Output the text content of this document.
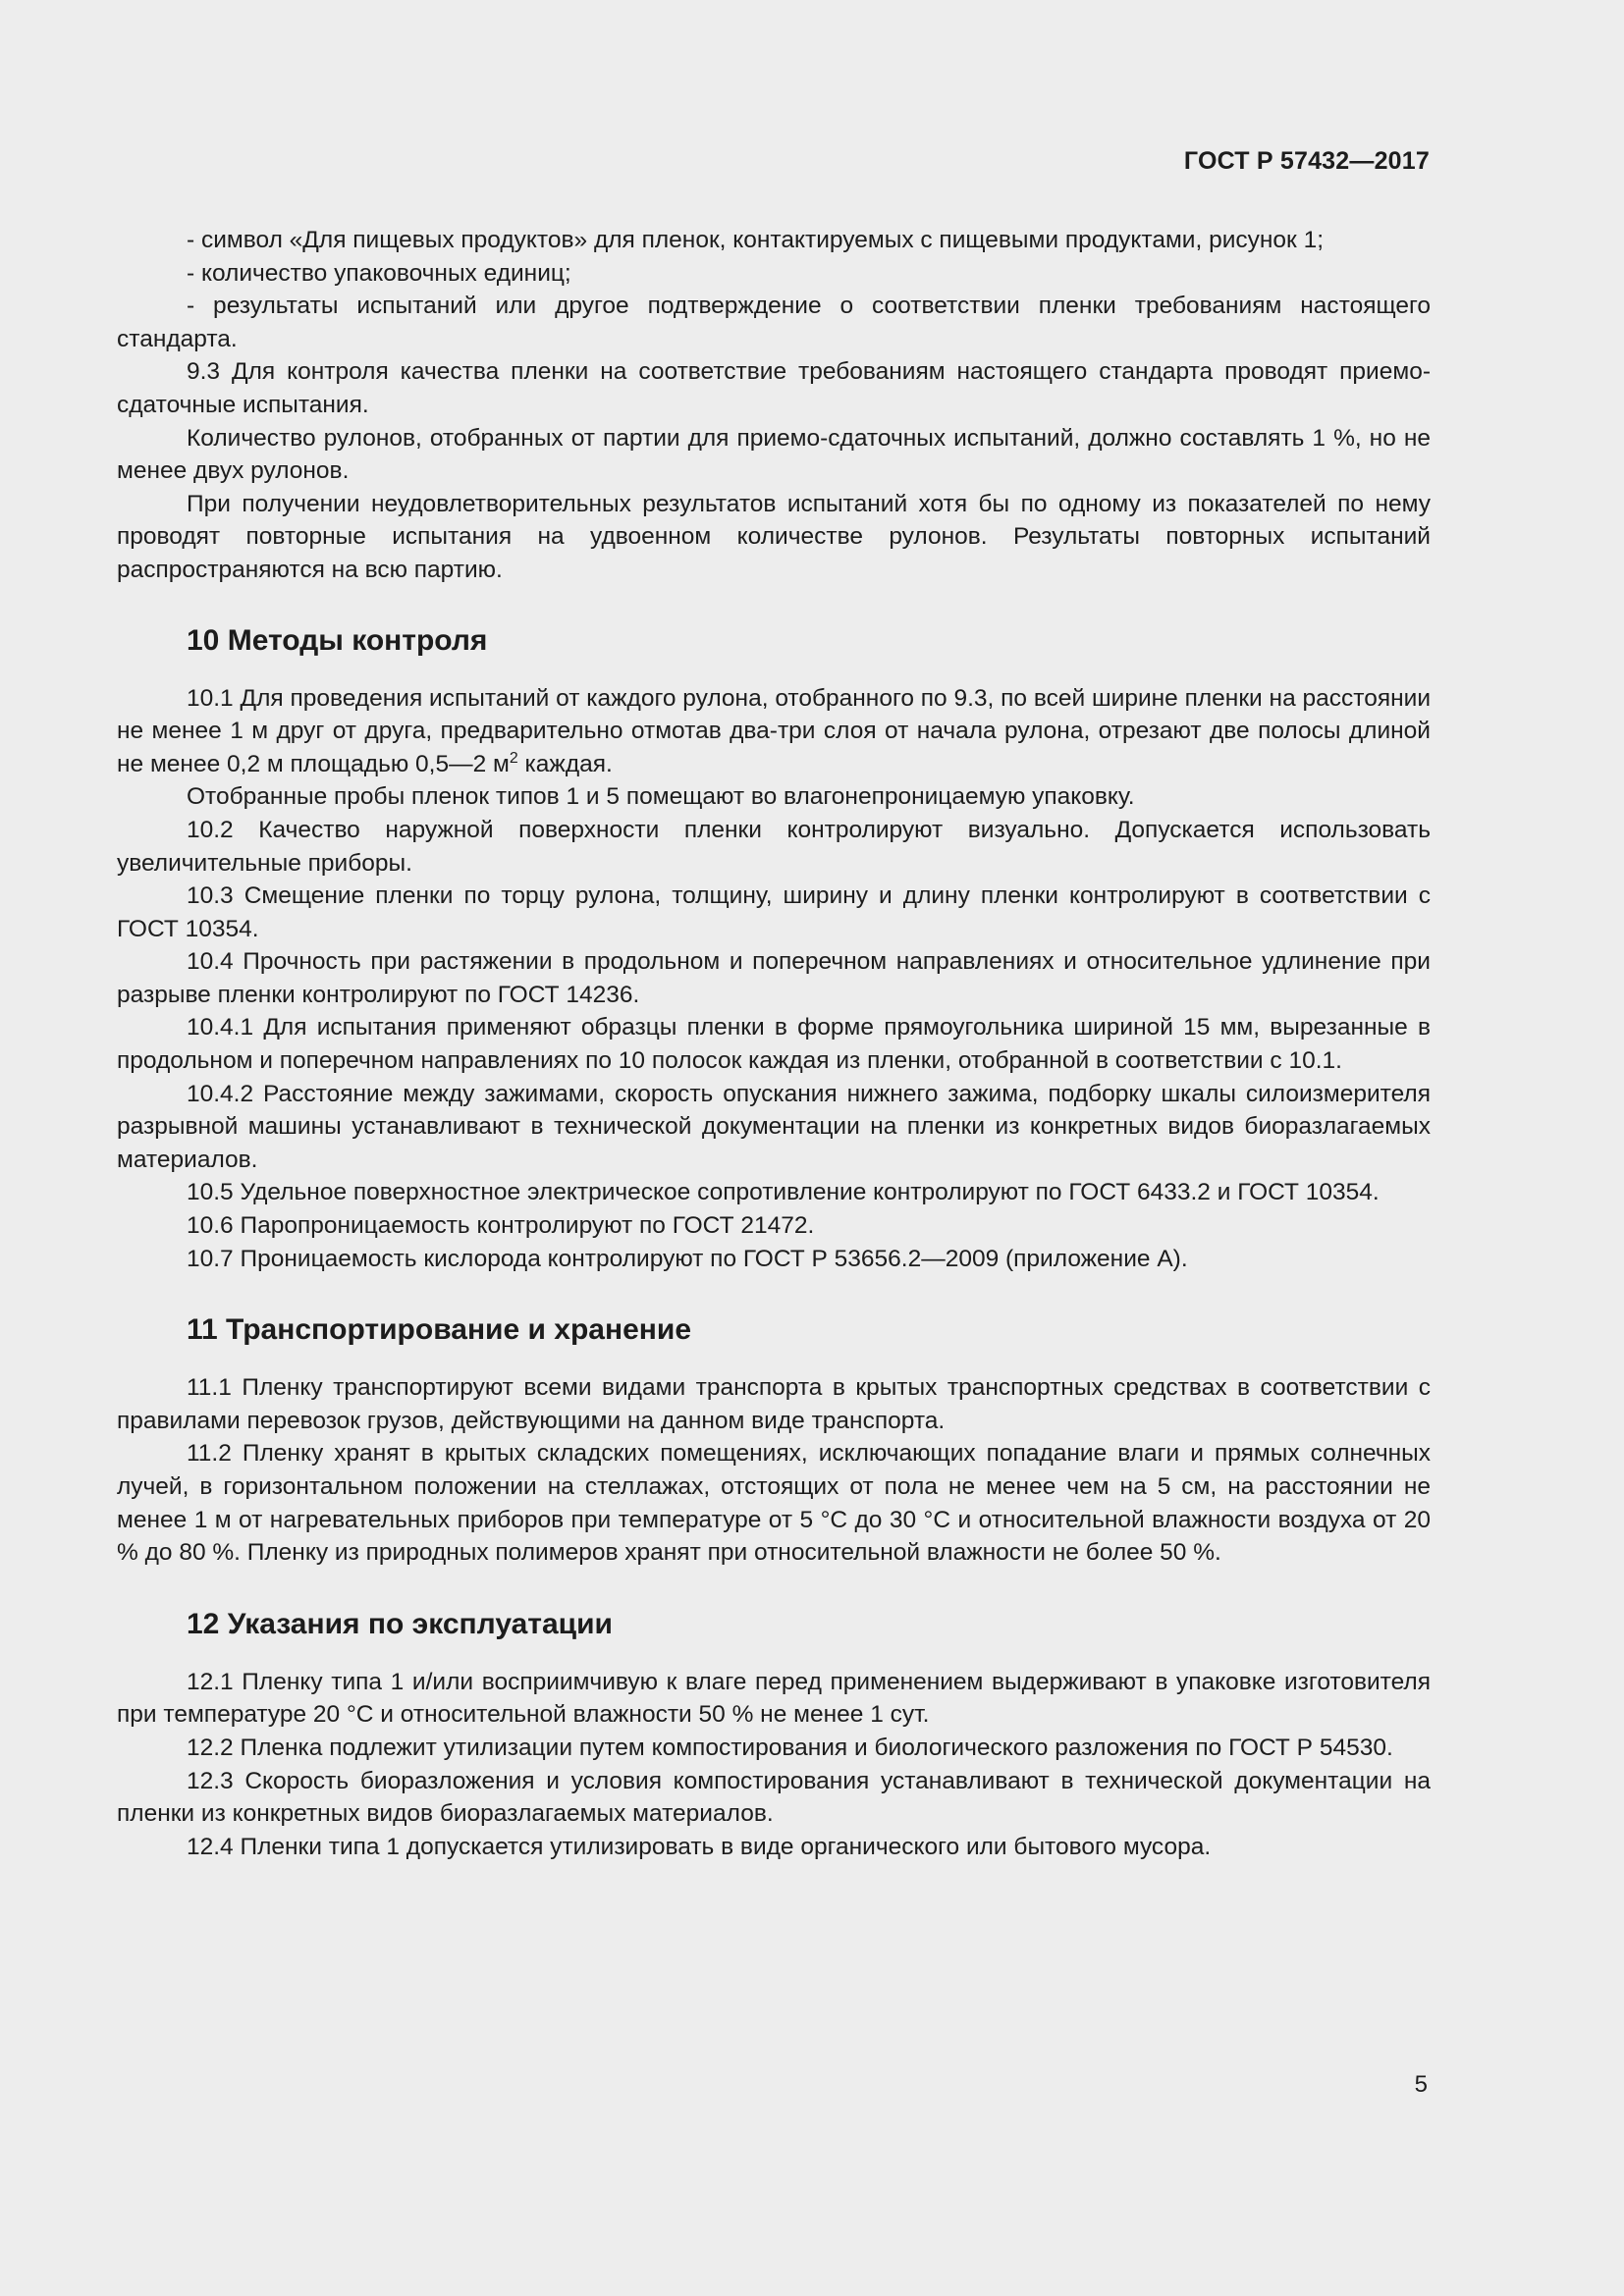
ГОСТ Р 57432—2017

- символ «Для пищевых продуктов» для пленок, контактируемых с пищевыми продуктами, рисунок 1;

- количество упаковочных единиц;

- результаты испытаний или другое подтверждение о соответствии пленки требованиям настоящего стандарта.

9.3 Для контроля качества пленки на соответствие требованиям настоящего стандарта проводят приемо-сдаточные испытания.

Количество рулонов, отобранных от партии для приемо-сдаточных испытаний, должно составлять 1 %, но не менее двух рулонов.

При получении неудовлетворительных результатов испытаний хотя бы по одному из показателей по нему проводят повторные испытания на удвоенном количестве рулонов. Результаты повторных испытаний распространяются на всю партию.

10 Методы контроля

10.1 Для проведения испытаний от каждого рулона, отобранного по 9.3, по всей ширине пленки на расстоянии не менее 1 м друг от друга, предварительно отмотав два-три слоя от начала рулона, отрезают две полосы длиной не менее 0,2 м площадью 0,5—2 $м^2$ каждая.

Отобранные пробы пленок типов 1 и 5 помещают во влагонепроницаемую упаковку.

10.2 Качество наружной поверхности пленки контролируют визуально. Допускается использовать увеличительные приборы.

10.3 Смещение пленки по торцу рулона, толщину, ширину и длину пленки контролируют в соответствии с ГОСТ 10354.

10.4 Прочность при растяжении в продольном и поперечном направлениях и относительное удлинение при разрыве пленки контролируют по ГОСТ 14236.

10.4.1 Для испытания применяют образцы пленки в форме прямоугольника шириной 15 мм, вырезанные в продольном и поперечном направлениях по 10 полосок каждая из пленки, отобранной в соответствии с 10.1.

10.4.2 Расстояние между зажимами, скорость опускания нижнего зажима, подборку шкалы силоизмерителя разрывной машины устанавливают в технической документации на пленки из конкретных видов биоразлагаемых материалов.

10.5 Удельное поверхностное электрическое сопротивление контролируют по ГОСТ 6433.2 и ГОСТ 10354.

10.6 Паропроницаемость контролируют по ГОСТ 21472.

10.7 Проницаемость кислорода контролируют по ГОСТ Р 53656.2—2009 (приложение А).

11 Транспортирование и хранение

11.1 Пленку транспортируют всеми видами транспорта в крытых транспортных средствах в соответствии с правилами перевозок грузов, действующими на данном виде транспорта.

11.2 Пленку хранят в крытых складских помещениях, исключающих попадание влаги и прямых солнечных лучей, в горизонтальном положении на стеллажах, отстоящих от пола не менее чем на 5 см, на расстоянии не менее 1 м от нагревательных приборов при температуре от 5 °С до 30 °С и относительной влажности воздуха от 20 % до 80 %. Пленку из природных полимеров хранят при относительной влажности не более 50 %.

12 Указания по эксплуатации

12.1 Пленку типа 1 и/или восприимчивую к влаге перед применением выдерживают в упаковке изготовителя при температуре 20 °С и относительной влажности 50 % не менее 1 сут.

12.2 Пленка подлежит утилизации путем компостирования и биологического разложения по ГОСТ Р 54530.

12.3 Скорость биоразложения и условия компостирования устанавливают в технической документации на пленки из конкретных видов биоразлагаемых материалов.

12.4 Пленки типа 1 допускается утилизировать в виде органического или бытового мусора.

5
